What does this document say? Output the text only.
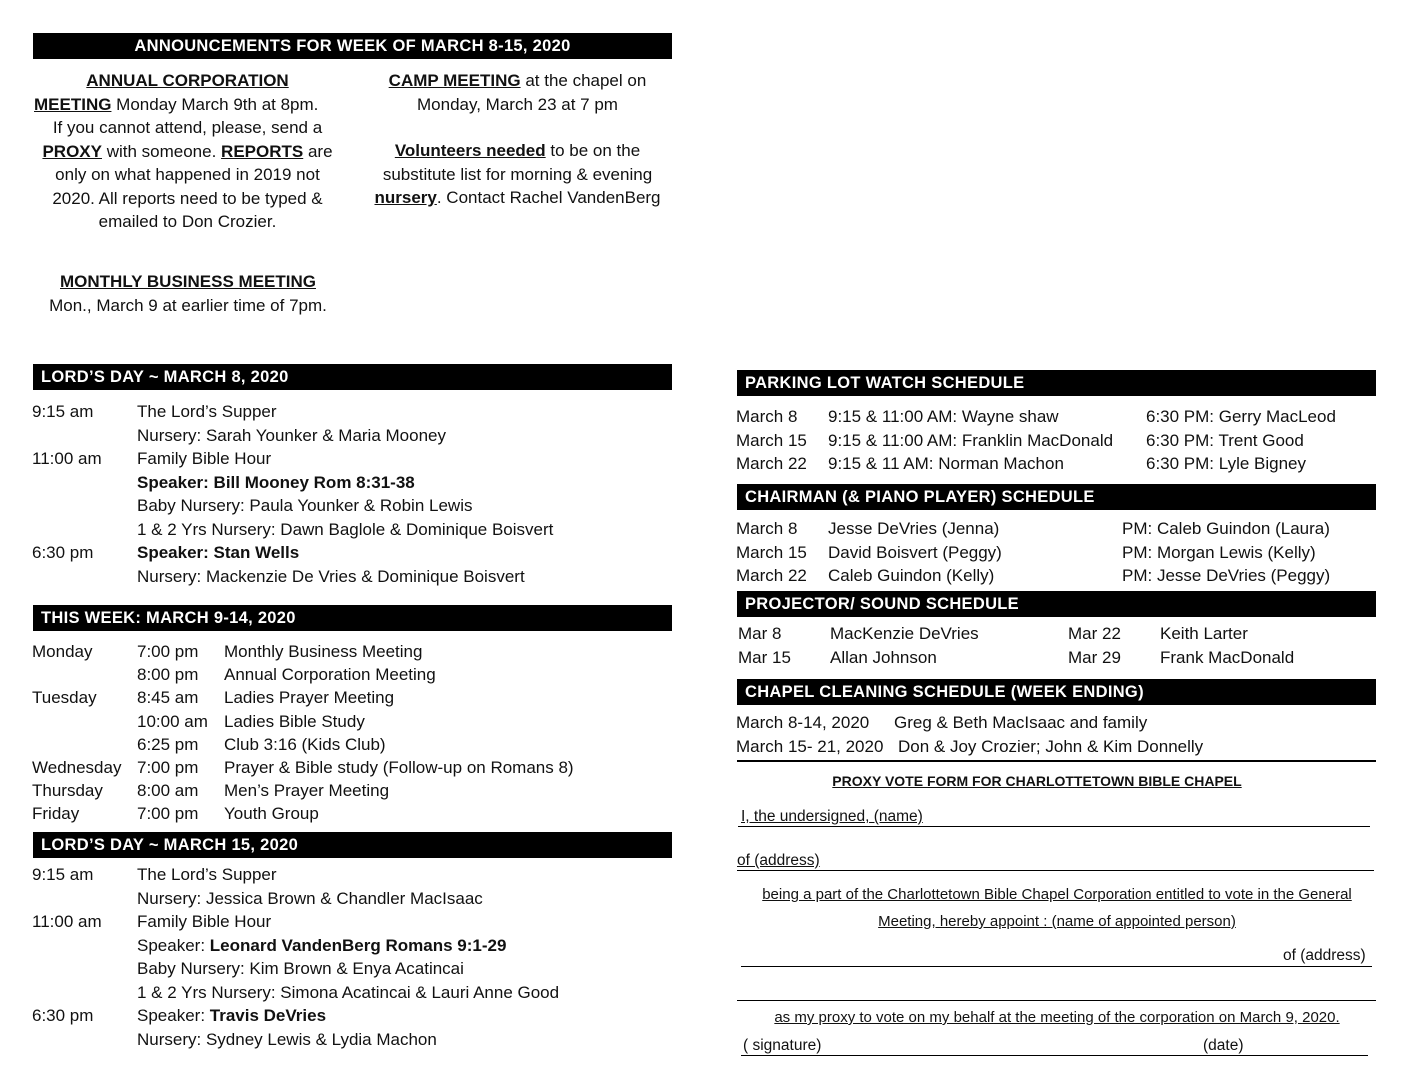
ANNOUNCEMENTS FOR WEEK OF MARCH 8-15, 2020
ANNUAL CORPORATION
MEETING Monday March 9th at 8pm.
If you cannot attend, please, send a
PROXY with someone. REPORTS are
only on what happened in 2019 not
2020. All reports need to be typed &
emailed to Don Crozier.
CAMP MEETING at the chapel on
Monday, March 23 at 7 pm
Volunteers needed to be on the
substitute list for morning & evening
nursery. Contact Rachel VandenBerg
MONTHLY BUSINESS MEETING
Mon., March 9 at earlier time of 7pm.
LORD’S DAY ~ MARCH 8, 2020
9:15 am	The Lord’s Supper
Nursery: Sarah Younker & Maria Mooney
11:00 am Family Bible Hour
Speaker: Bill Mooney Rom 8:31-38
Baby Nursery: Paula Younker & Robin Lewis
1 & 2 Yrs Nursery: Dawn Baglole & Dominique Boisvert
6:30 pm	Speaker: Stan Wells
Nursery: Mackenzie De Vries & Dominique Boisvert
THIS WEEK: MARCH 9-14, 2020
Monday	7:00 pm Monthly Business Meeting
8:00 pm Annual Corporation Meeting
Tuesday 8:45 am Ladies Prayer Meeting
10:00 am Ladies Bible Study
6:25 pm Club 3:16 (Kids Club)
Wednesday 7:00 pm Prayer & Bible study (Follow-up on Romans 8)
Thursday 8:00 am Men’s Prayer Meeting
Friday	7:00 pm Youth Group
LORD’S DAY ~ MARCH 15, 2020
9:15 am	The Lord’s Supper
Nursery: Jessica Brown & Chandler MacIsaac
11:00 am Family Bible Hour
Speaker: Leonard VandenBerg Romans 9:1-29
Baby Nursery: Kim Brown & Enya Acatincai
1 & 2 Yrs Nursery: Simona Acatincai & Lauri Anne Good
6:30 pm	Speaker: Travis DeVries
Nursery: Sydney Lewis & Lydia Machon
PARKING LOT WATCH SCHEDULE
March 8 9:15 & 11:00 AM: Wayne shaw	6:30 PM: Gerry MacLeod
March 15 9:15 & 11:00 AM: Franklin MacDonald 6:30 PM: Trent Good
March 22 9:15 & 11 AM: Norman Machon	6:30 PM: Lyle Bigney
CHAIRMAN (& PIANO PLAYER) SCHEDULE
March 8 Jesse DeVries (Jenna)	PM: Caleb Guindon (Laura)
March 15 David Boisvert (Peggy)	PM: Morgan Lewis (Kelly)
March 22 Caleb Guindon (Kelly)	PM: Jesse DeVries (Peggy)
PROJECTOR/ SOUND SCHEDULE
Mar 8	MacKenzie DeVries	Mar 22 Keith Larter
Mar 15 Allan Johnson	Mar 29 Frank MacDonald
CHAPEL CLEANING SCHEDULE (WEEK ENDING)
March 8-14, 2020 Greg & Beth MacIsaac and family
March 15- 21, 2020 Don & Joy Crozier; John & Kim Donnelly
PROXY VOTE FORM FOR CHARLOTTETOWN BIBLE CHAPEL
I, the undersigned, (name)
of (address)
being a part of the Charlottetown Bible Chapel Corporation entitled to vote in the General
Meeting, hereby appoint : (name of appointed person)
of (address)
as my proxy to vote on my behalf at the meeting of the corporation on March 9, 2020.
( signature)	(date)
